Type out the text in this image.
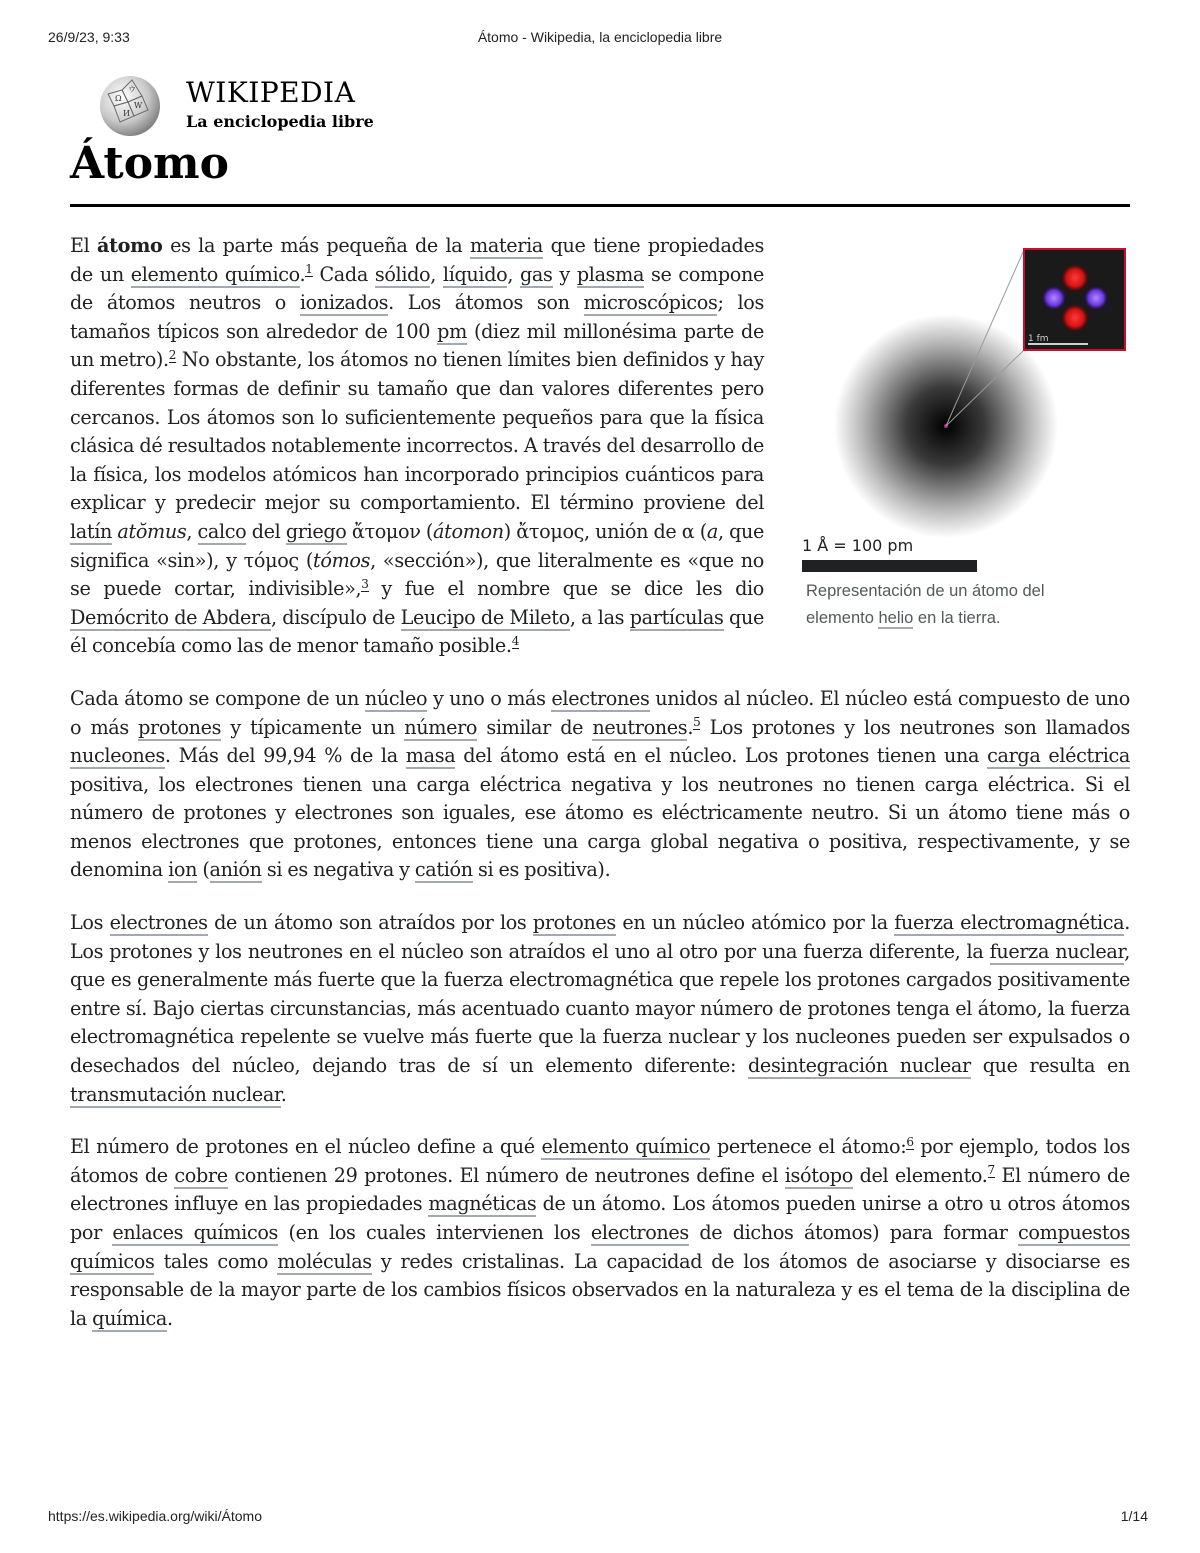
26/9/23, 9:33	Átomo - Wikipedia, la enciclopedia libre
Ω
W
И
ウ WIKIPEDIA
La enciclopedia libre
Átomo
1 fm
1 Å = 100 pm
Representación de un átomo del elemento helio en la tierra.

El átomo es la parte más pequeña de la materia que tiene propiedades de un elemento químico.$^1$ Cada sólido, líquido, gas y plasma se compone de átomos neutros o ionizados. Los átomos son microscópicos; los tamaños típicos son alrededor de 100 pm (diez mil millonésima parte de un metro).$^2$ No obstante, los átomos no tienen límites bien definidos y hay diferentes formas de definir su tamaño que dan valores diferentes pero cercanos. Los átomos son lo suficientemente pequeños para que la física clásica dé resultados notablemente incorrectos. A través del desarrollo de la física, los modelos atómicos han incorporado principios cuánticos para explicar y predecir mejor su comportamiento. El término proviene del latín atŏmus, calco del griego ἄτομον (átomon) ἄτομος, unión de α (a, que significa «sin»), y τόμος (tómos, «sección»), que literalmente es «que no se puede cortar, indivisible»,$^3$ y fue el nombre que se dice les dio Demócrito de Abdera, discípulo de Leucipo de Mileto, a las partículas que él concebía como las de menor tamaño posible.$^4$

Cada átomo se compone de un núcleo y uno o más electrones unidos al núcleo. El núcleo está compuesto de uno o más protones y típicamente un número similar de neutrones.$^5$ Los protones y los neutrones son llamados nucleones. Más del 99,94 % de la masa del átomo está en el núcleo. Los protones tienen una carga eléctrica positiva, los electrones tienen una carga eléctrica negativa y los neutrones no tienen carga eléctrica. Si el número de protones y electrones son iguales, ese átomo es eléctricamente neutro. Si un átomo tiene más o menos electrones que protones, entonces tiene una carga global negativa o positiva, respectivamente, y se denomina ion (anión si es negativa y catión si es positiva).

Los electrones de un átomo son atraídos por los protones en un núcleo atómico por la fuerza electromagnética. Los protones y los neutrones en el núcleo son atraídos el uno al otro por una fuerza diferente, la fuerza nuclear, que es generalmente más fuerte que la fuerza electromagnética que repele los protones cargados positivamente entre sí. Bajo ciertas circunstancias, más acentuado cuanto mayor número de protones tenga el átomo, la fuerza electromagnética repelente se vuelve más fuerte que la fuerza nuclear y los nucleones pueden ser expulsados o desechados del núcleo, dejando tras de sí un elemento diferente: desintegración nuclear que resulta en transmutación nuclear.

El número de protones en el núcleo define a qué elemento químico pertenece el átomo:$^6$ por ejemplo, todos los átomos de cobre contienen 29 protones. El número de neutrones define el isótopo del elemento.$^7$ El número de electrones influye en las propiedades magnéticas de un átomo. Los átomos pueden unirse a otro u otros átomos por enlaces químicos (en los cuales intervienen los electrones de dichos átomos) para formar compuestos químicos tales como moléculas y redes cristalinas. La capacidad de los átomos de asociarse y disociarse es responsable de la mayor parte de los cambios físicos observados en la naturaleza y es el tema de la disciplina de la química.

https://es.wikipedia.org/wiki/Átomo	1/14
